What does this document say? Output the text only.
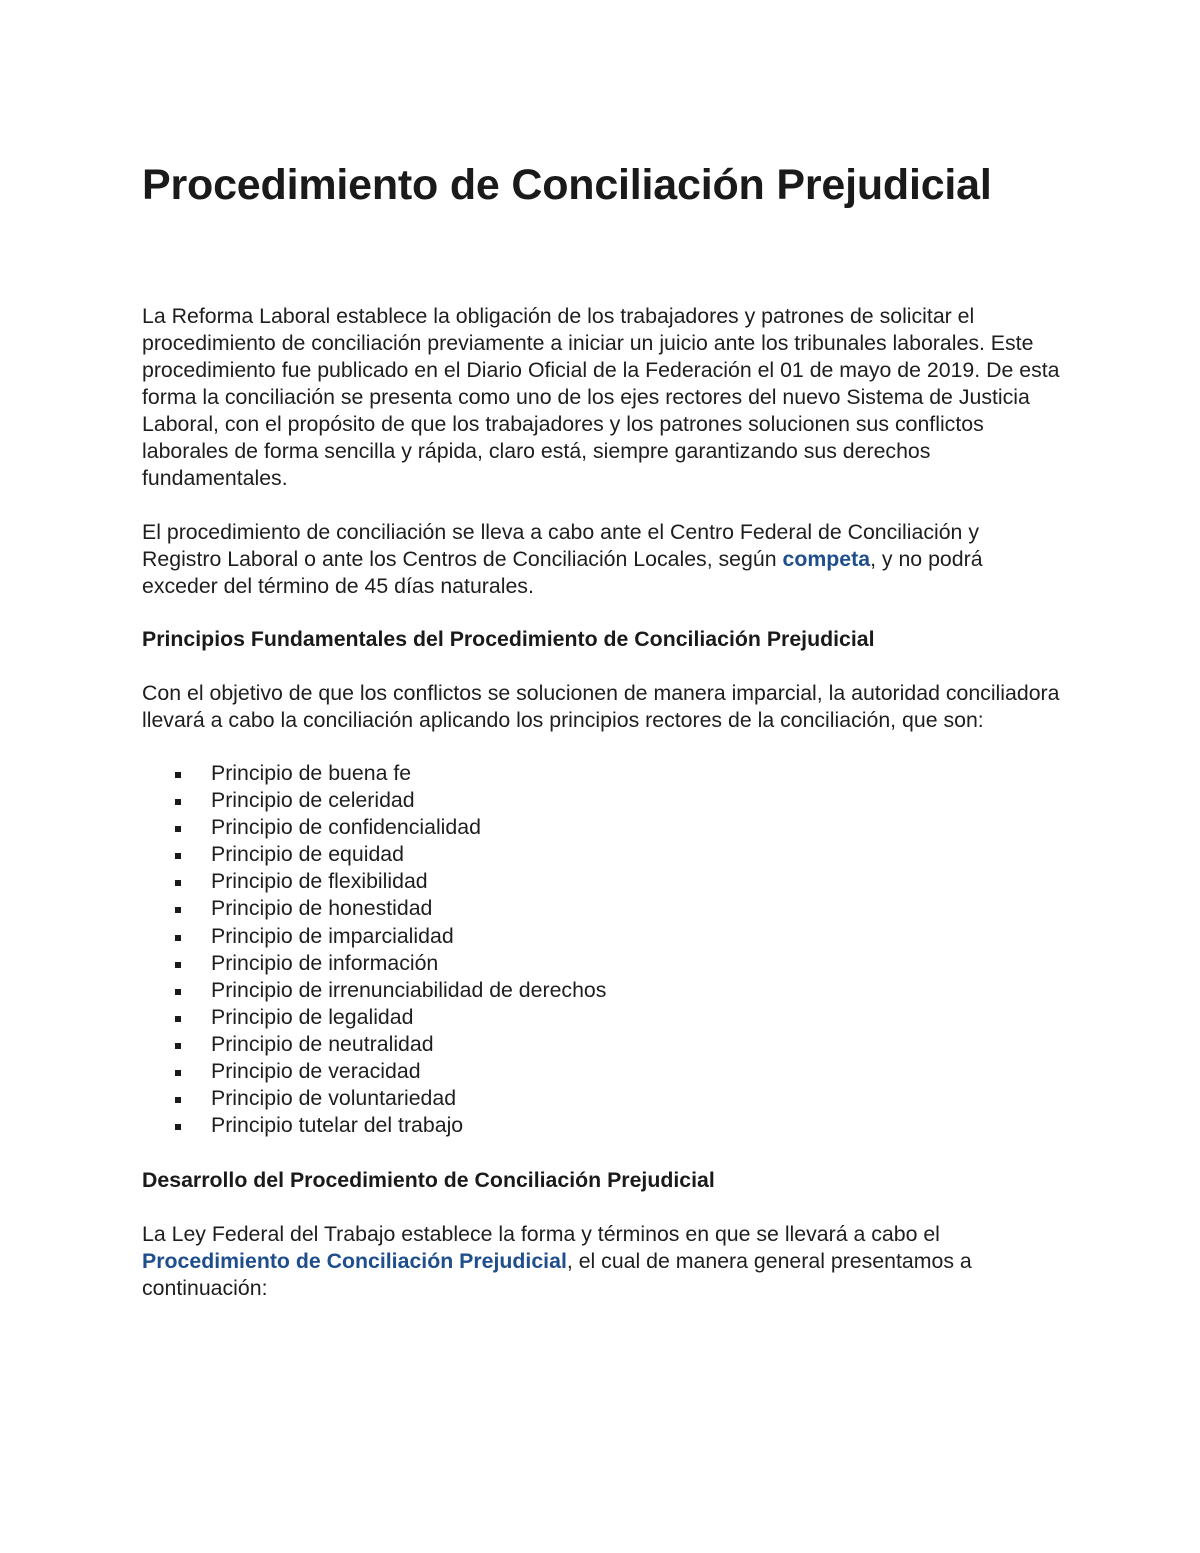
Procedimiento de Conciliación Prejudicial

La Reforma Laboral establece la obligación de los trabajadores y patrones de solicitar el procedimiento de conciliación previamente a iniciar un juicio ante los tribunales laborales. Este procedimiento fue publicado en el Diario Oficial de la Federación el 01 de mayo de 2019. De esta forma la conciliación se presenta como uno de los ejes rectores del nuevo Sistema de Justicia Laboral, con el propósito de que los trabajadores y los patrones solucionen sus conflictos laborales de forma sencilla y rápida, claro está, siempre garantizando sus derechos fundamentales.

El procedimiento de conciliación se lleva a cabo ante el Centro Federal de Conciliación y Registro Laboral o ante los Centros de Conciliación Locales, según competa, y no podrá exceder del término de 45 días naturales.

Principios Fundamentales del Procedimiento de Conciliación Prejudicial

Con el objetivo de que los conflictos se solucionen de manera imparcial, la autoridad conciliadora llevará a cabo la conciliación aplicando los principios rectores de la conciliación, que son:

Principio de buena fe
Principio de celeridad
Principio de confidencialidad
Principio de equidad
Principio de flexibilidad
Principio de honestidad
Principio de imparcialidad
Principio de información
Principio de irrenunciabilidad de derechos
Principio de legalidad
Principio de neutralidad
Principio de veracidad
Principio de voluntariedad
Principio tutelar del trabajo
Desarrollo del Procedimiento de Conciliación Prejudicial

La Ley Federal del Trabajo establece la forma y términos en que se llevará a cabo el Procedimiento de Conciliación Prejudicial, el cual de manera general presentamos a continuación:
